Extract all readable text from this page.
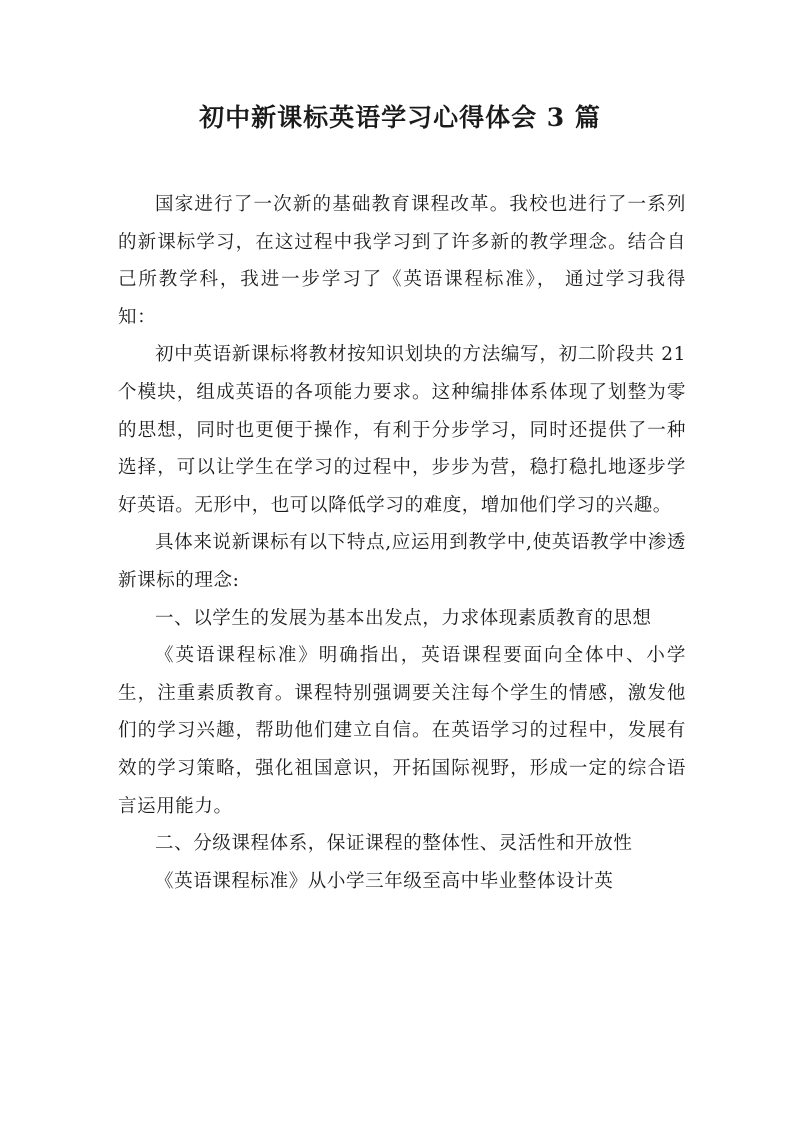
初中新课标英语学习心得体会 3 篇

国家进行了一次新的基础教育课程改革。我校也进行了一系列的新课标学习，在这过程中我学习到了许多新的教学理念。结合自己所教学科，我进一步学习了《英语课程标准》， 通过学习我得知：

初中英语新课标将教材按知识划块的方法编写，初二阶段共 21 个模块，组成英语的各项能力要求。这种编排体系体现了划整为零的思想，同时也更便于操作，有利于分步学习，同时还提供了一种选择，可以让学生在学习的过程中，步步为营，稳打稳扎地逐步学好英语。无形中，也可以降低学习的难度，增加他们学习的兴趣。

具体来说新课标有以下特点,应运用到教学中,使英语教学中渗透新课标的理念:

一、以学生的发展为基本出发点，力求体现素质教育的思想

《英语课程标准》明确指出，英语课程要面向全体中、小学生，注重素质教育。课程特别强调要关注每个学生的情感，激发他们的学习兴趣，帮助他们建立自信。在英语学习的过程中，发展有效的学习策略，强化祖国意识，开拓国际视野，形成一定的综合语言运用能力。

二、分级课程体系，保证课程的整体性、灵活性和开放性

《英语课程标准》从小学三年级至高中毕业整体设计英
